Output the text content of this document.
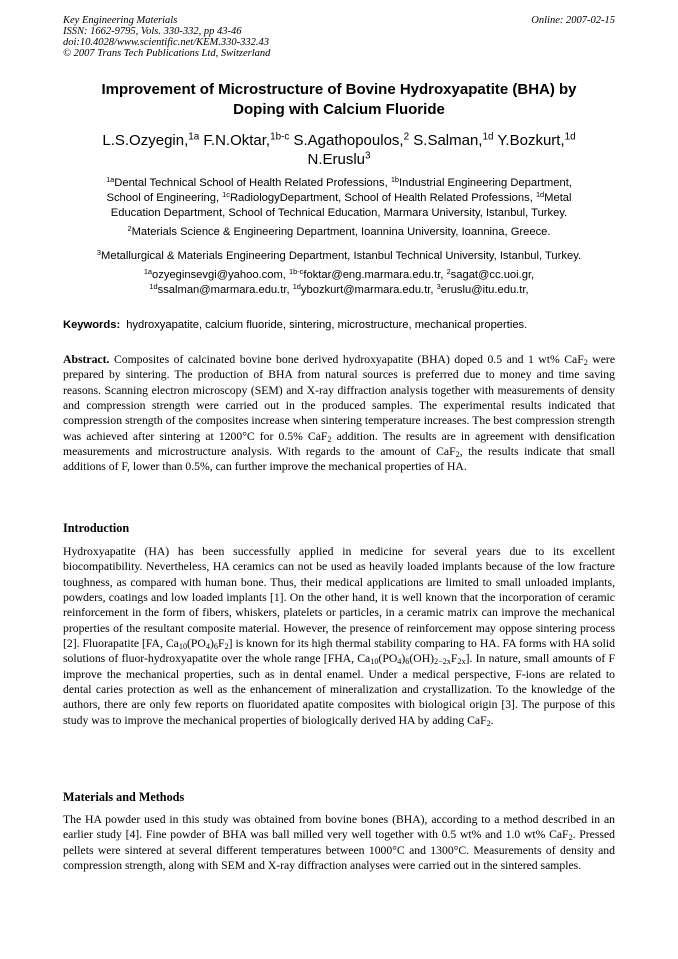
Key Engineering Materials
ISSN: 1662-9795, Vols. 330-332, pp 43-46
doi:10.4028/www.scientific.net/KEM.330-332.43
© 2007 Trans Tech Publications Ltd, Switzerland
Online: 2007-02-15
Improvement of Microstructure of Bovine Hydroxyapatite (BHA) by
Doping with Calcium Fluoride
L.S.Ozyegin,$^{1a}$ F.N.Oktar,$^{1b-c}$ S.Agathopoulos,$^2$ S.Salman,$^{1d}$ Y.Bozkurt,$^{1d}$
N.Eruslu$^3$
$^{1a}$Dental Technical School of Health Related Professions, $^{1b}$Industrial Engineering Department,
School of Engineering, $^{1c}$RadiologyDepartment, School of Health Related Professions, $^{1d}$Metal
Education Department, School of Technical Education, Marmara University, Istanbul, Turkey.
$^2$Materials Science & Engineering Department, Ioannina University, Ioannina, Greece.
$^3$Metallurgical & Materials Engineering Department, Istanbul Technical University, Istanbul, Turkey.
$^{1a}$ozyeginsevgi@yahoo.com, $^{1b-c}$foktar@eng.marmara.edu.tr, $^2$sagat@cc.uoi.gr,
$^{1d}$ssalman@marmara.edu.tr, $^{1d}$ybozkurt@marmara.edu.tr, $^3$eruslu@itu.edu.tr,
Keywords: hydroxyapatite, calcium fluoride, sintering, microstructure, mechanical properties.
Abstract. Composites of calcinated bovine bone derived hydroxyapatite (BHA) doped 0.5 and 1 wt% CaF$_2$ were prepared by sintering. The production of BHA from natural sources is preferred due to money and time saving reasons. Scanning electron microscopy (SEM) and X-ray diffraction analysis together with measurements of density and compression strength were carried out in the produced samples. The experimental results indicated that compression strength of the composites increase when sintering temperature increases. The best compression strength was achieved after sintering at 1200°C for 0.5% CaF$_2$ addition. The results are in agreement with densification measurements and microstructure analysis. With regards to the amount of CaF$_2$, the results indicate that small additions of F, lower than 0.5%, can further improve the mechanical properties of HA.
Introduction
Hydroxyapatite (HA) has been successfully applied in medicine for several years due to its excellent biocompatibility. Nevertheless, HA ceramics can not be used as heavily loaded implants because of the low fracture toughness, as compared with human bone. Thus, their medical applications are limited to small unloaded implants, powders, coatings and low loaded implants [1]. On the other hand, it is well known that the incorporation of ceramic reinforcement in the form of fibers, whiskers, platelets or particles, in a ceramic matrix can improve the mechanical properties of the resultant composite material. However, the presence of reinforcement may oppose sintering process [2]. Fluorapatite [FA, $Ca_{10}(PO_4)_6F_2$] is known for its high thermal stability comparing to HA. FA forms with HA solid solutions of fluor-hydroxyapatite over the whole range [FHA, $Ca_{10}(PO_4)_6(OH)_{2-2x}F_{2x}$]. In nature, small amounts of F improve the mechanical properties, such as in dental enamel. Under a medical perspective, F-ions are related to dental caries protection as well as the enhancement of mineralization and crystallization. To the knowledge of the authors, there are only few reports on fluoridated apatite composites with biological origin [3]. The purpose of this study was to improve the mechanical properties of biologically derived HA by adding CaF$_2$.
Materials and Methods
The HA powder used in this study was obtained from bovine bones (BHA), according to a method described in an earlier study [4]. Fine powder of BHA was ball milled very well together with 0.5 wt% and 1.0 wt% CaF$_2$. Pressed pellets were sintered at several different temperatures between 1000°C and 1300°C. Measurements of density and compression strength, along with SEM and X-ray diffraction analyses were carried out in the sintered samples.
